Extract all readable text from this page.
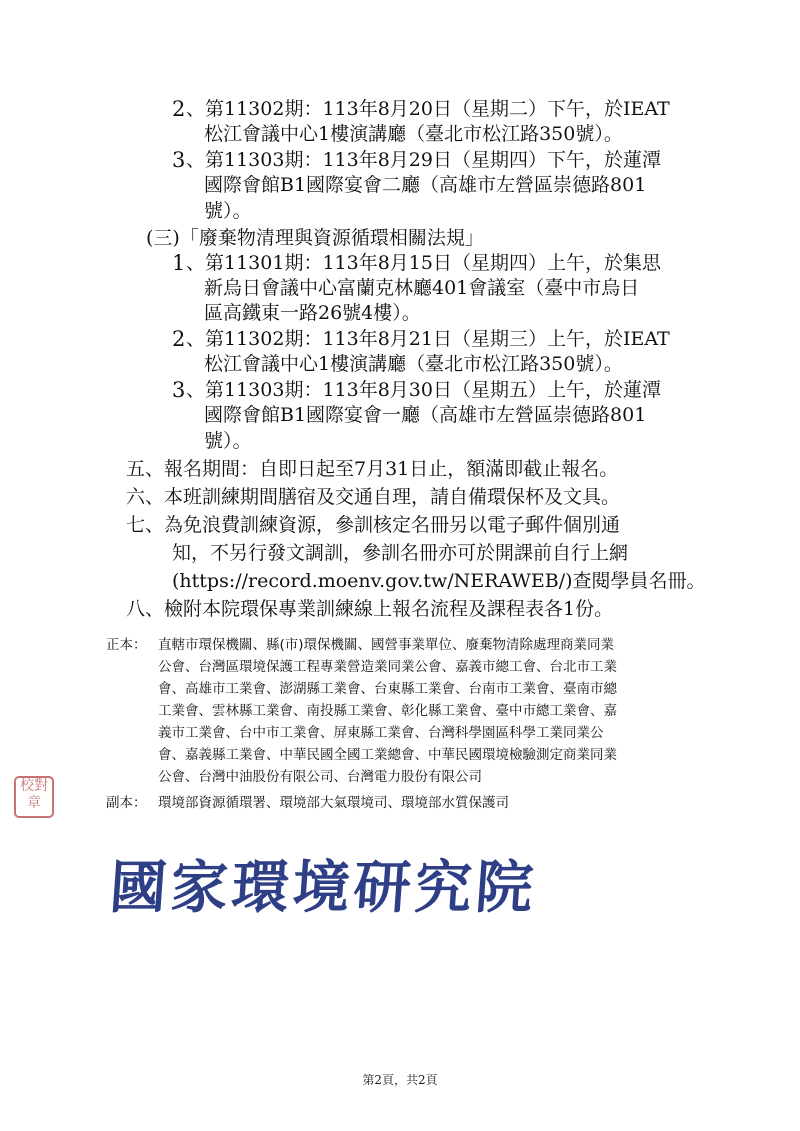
2 、第11302期：113年8月20日（星期二）下午，於IEAT
松江會議中心1樓演講廳（臺北市松江路350號）。
3 、第11303期：113年8月29日（星期四）下午，於蓮潭
國際會館B1國際宴會二廳（高雄市左營區崇德路801
號）。
(三)「廢棄物清理與資源循環相關法規」
1 、第11301期：113年8月15日（星期四）上午，於集思
新烏日會議中心富蘭克林廳401會議室（臺中市烏日
區高鐵東一路26號4樓）。
2 、第11302期：113年8月21日（星期三）上午，於IEAT
松江會議中心1樓演講廳（臺北市松江路350號）。
3 、第11303期：113年8月30日（星期五）上午，於蓮潭
國際會館B1國際宴會一廳（高雄市左營區崇德路801
號）。
五、報名期間：自即日起至7月31日止，額滿即截止報名。
六、本班訓練期間膳宿及交通自理，請自備環保杯及文具。
七、為免浪費訓練資源，參訓核定名冊另以電子郵件個別通
知，不另行發文調訓，參訓名冊亦可於開課前自行上網
(https://record.moenv.gov.tw/NERAWEB/)查閱學員名冊。
八、檢附本院環保專業訓練線上報名流程及課程表各1份。
正本： 直轄市環保機關、縣(市)環保機關、國營事業單位、廢棄物清除處理商業同業
公會、台灣區環境保護工程專業營造業同業公會、嘉義市總工會、台北市工業
會、高雄市工業會、澎湖縣工業會、台東縣工業會、台南市工業會、臺南市總
工業會、雲林縣工業會、南投縣工業會、彰化縣工業會、臺中市總工業會、嘉
義市工業會、台中市工業會、屏東縣工業會、台灣科學園區科學工業同業公
會、嘉義縣工業會、中華民國全國工業總會、中華民國環境檢驗測定商業同業
公會、台灣中油股份有限公司、台灣電力股份有限公司
副本： 環境部資源循環署、環境部大氣環境司、環境部水質保護司
校對章
國家環境研究院
第2頁，共2頁
